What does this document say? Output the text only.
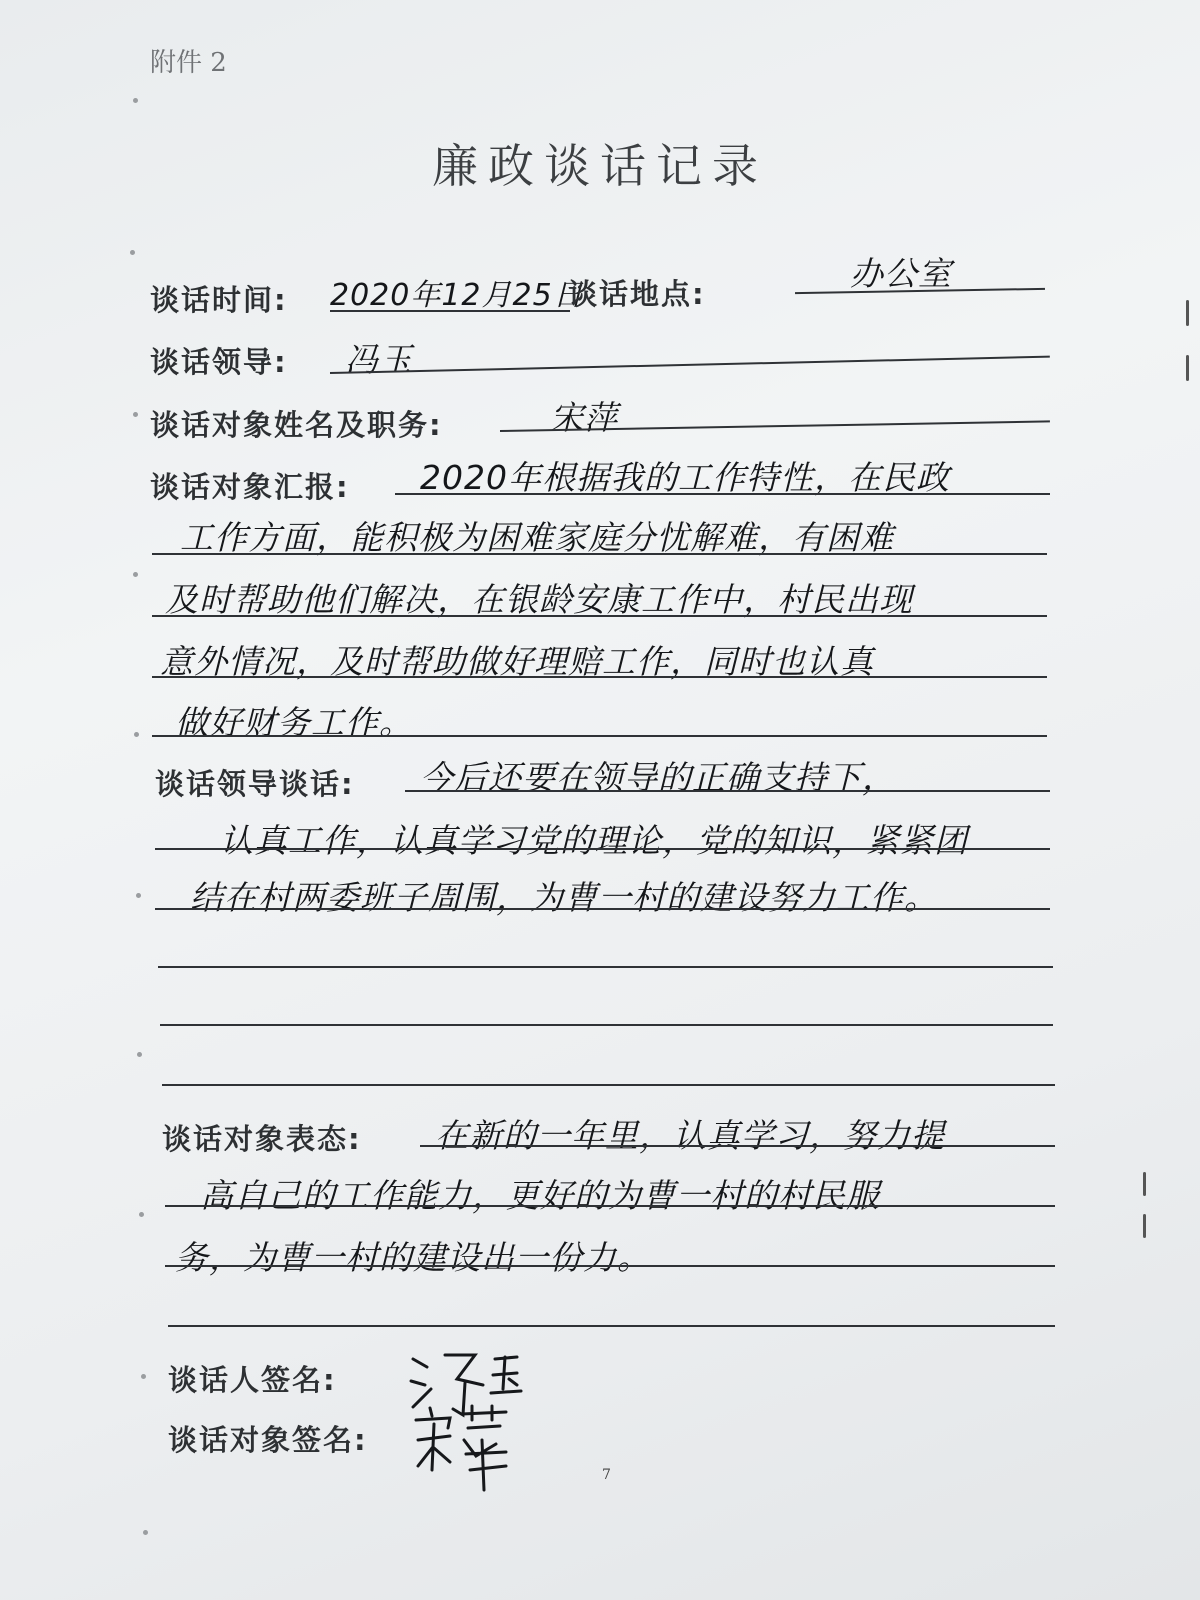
附件 2
廉政谈话记录
谈话时间: 2020年12月25日
谈话地点:
办公室
谈话领导: 冯玉
谈话对象姓名及职务:	宋萍
谈话对象汇报: 2020年根据我的工作特性，在民政
工作方面，能积极为困难家庭分忧解难，有困难
及时帮助他们解决，在银龄安康工作中，村民出现
意外情况，及时帮助做好理赔工作，同时也认真
做好财务工作。
谈话领导谈话: 今后还要在领导的正确支持下，
认真工作，认真学习党的理论，党的知识，紧紧团
结在村两委班子周围，为曹一村的建设努力工作。
谈话对象表态: 在新的一年里，认真学习，努力提
高自己的工作能力，更好的为曹一村的村民服
务，为曹一村的建设出一份力。
谈话人签名:
谈话对象签名:
7
